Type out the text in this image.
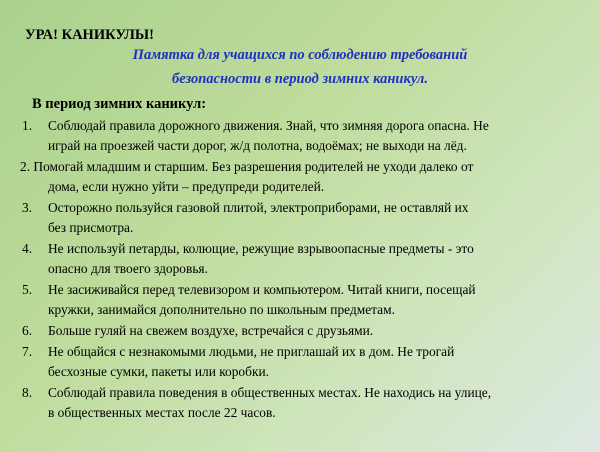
УРА! КАНИКУЛЫ!
Памятка для учащихся по соблюдению требований
безопасности в период зимних каникул.
В период зимних каникул:
1. Соблюдай правила дорожного движения. Знай, что зимняя дорога опасна. Не
играй на проезжей части дорог, ж/д полотна, водоёмах; не выходи на лёд.
2. Помогай младшим и старшим. Без разрешения родителей не уходи далеко от
дома, если нужно уйти – предупреди родителей.
3. Осторожно пользуйся газовой плитой, электроприборами, не оставляй их
без присмотра.
4. Не используй петарды, колющие, режущие взрывоопасные предметы - это
опасно для твоего здоровья.
5. Не засиживайся перед телевизором и компьютером. Читай книги, посещай
кружки, занимайся дополнительно по школьным предметам.
6. Больше гуляй на свежем воздухе, встречайся с друзьями.
7. Не общайся с незнакомыми людьми, не приглашай их в дом. Не трогай
бесхозные сумки, пакеты или коробки.
8. Соблюдай правила поведения в общественных местах. Не находись на улице,
в общественных местах после 22 часов.
